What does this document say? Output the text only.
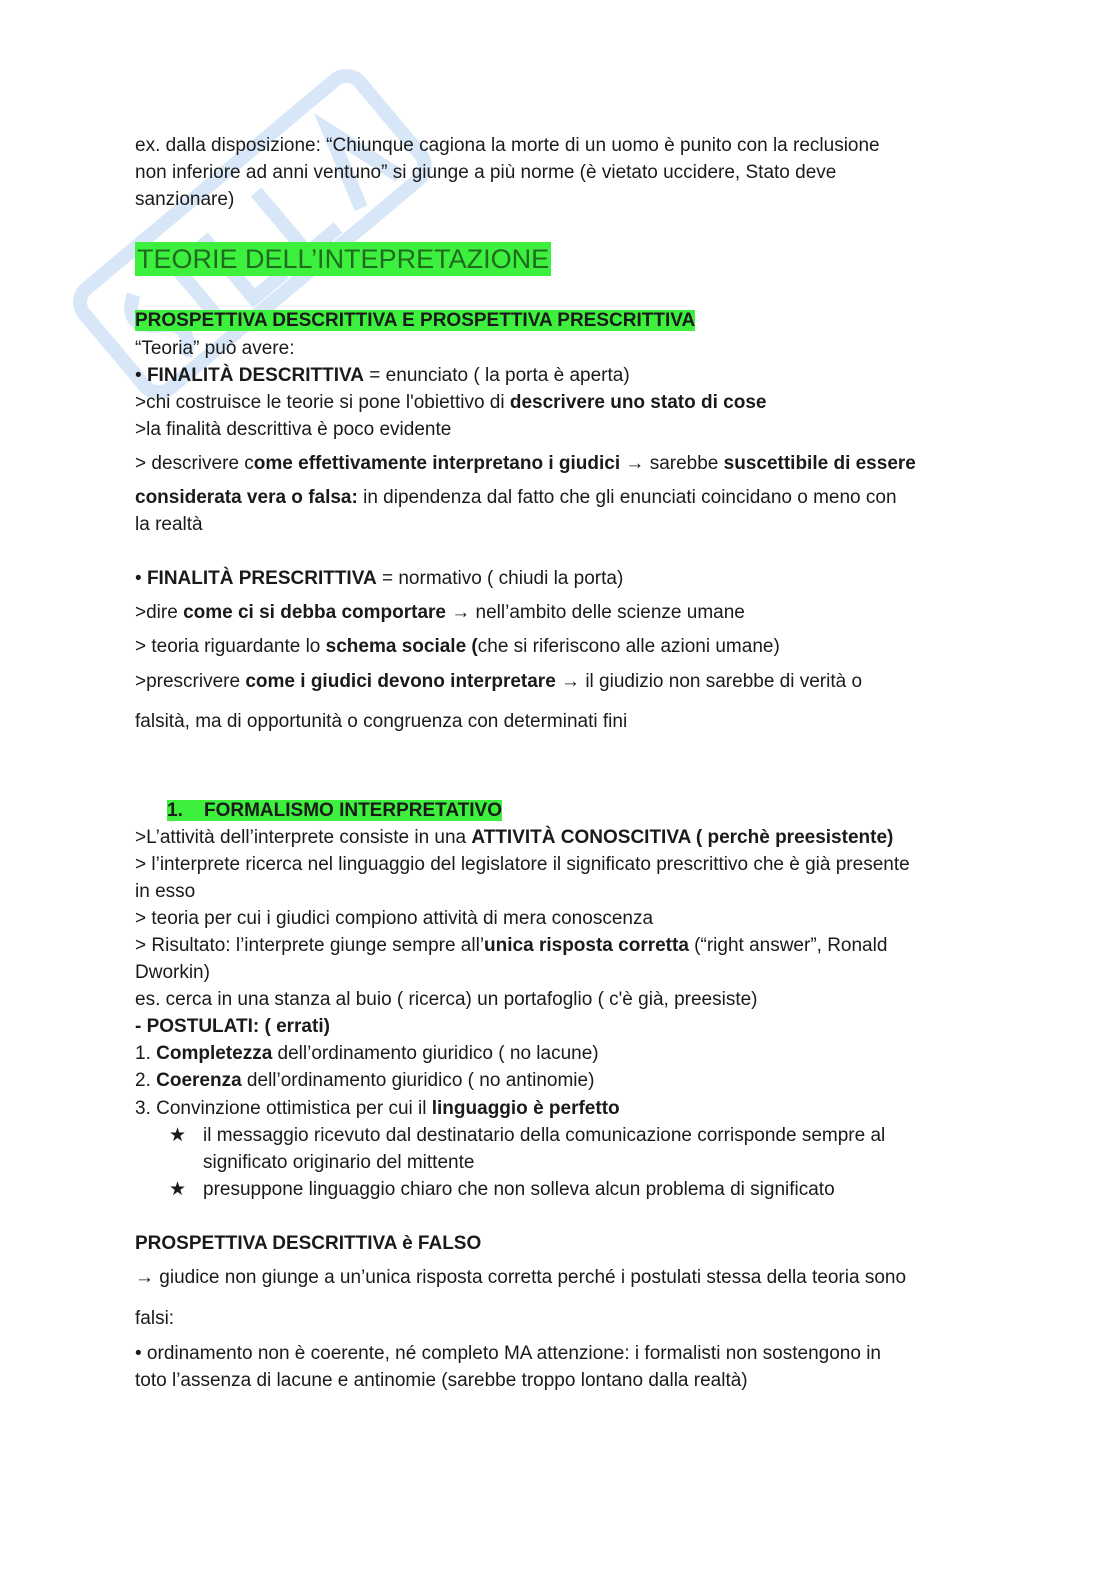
ex. dalla disposizione: “Chiunque cagiona la morte di un uomo è punito con la reclusione
non inferiore ad anni ventuno” si giunge a più norme (è vietato uccidere, Stato deve
sanzionare)
TEORIE DELL’INTEPRETAZIONE
PROSPETTIVA DESCRITTIVA E PROSPETTIVA PRESCRITTIVA
“Teoria” può avere:
• FINALITÀ DESCRITTIVA = enunciato ( la porta è aperta)
>chi costruisce le teorie si pone l'obiettivo di descrivere uno stato di cose
>la finalità descrittiva è poco evidente
> descrivere come effettivamente interpretano i giudici → sarebbe suscettibile di essere
considerata vera o falsa: in dipendenza dal fatto che gli enunciati coincidano o meno con
la realtà
• FINALITÀ PRESCRITTIVA = normativo ( chiudi la porta)
>dire come ci si debba comportare → nell’ambito delle scienze umane
> teoria riguardante lo schema sociale (che si riferiscono alle azioni umane)
>prescrivere come i giudici devono interpretare → il giudizio non sarebbe di verità o
falsità, ma di opportunità o congruenza con determinati fini
1. FORMALISMO INTERPRETATIVO
>L’attività dell’interprete consiste in una ATTIVITÀ CONOSCITIVA ( perchè preesistente)
> l’interprete ricerca nel linguaggio del legislatore il significato prescrittivo che è già presente
in esso
> teoria per cui i giudici compiono attività di mera conoscenza
> Risultato: l’interprete giunge sempre all’unica risposta corretta (“right answer”, Ronald
Dworkin)
es. cerca in una stanza al buio ( ricerca) un portafoglio ( c'è già, preesiste)
- POSTULATI: ( errati)
1. Completezza dell’ordinamento giuridico ( no lacune)
2. Coerenza dell’ordinamento giuridico ( no antinomie)
3. Convinzione ottimistica per cui il linguaggio è perfetto
★ il messaggio ricevuto dal destinatario della comunicazione corrisponde sempre al
significato originario del mittente
★ presuppone linguaggio chiaro che non solleva alcun problema di significato
PROSPETTIVA DESCRITTIVA è FALSO
→ giudice non giunge a un’unica risposta corretta perché i postulati stessa della teoria sono
falsi:
• ordinamento non è coerente, né completo MA attenzione: i formalisti non sostengono in
toto l’assenza di lacune e antinomie (sarebbe troppo lontano dalla realtà)
